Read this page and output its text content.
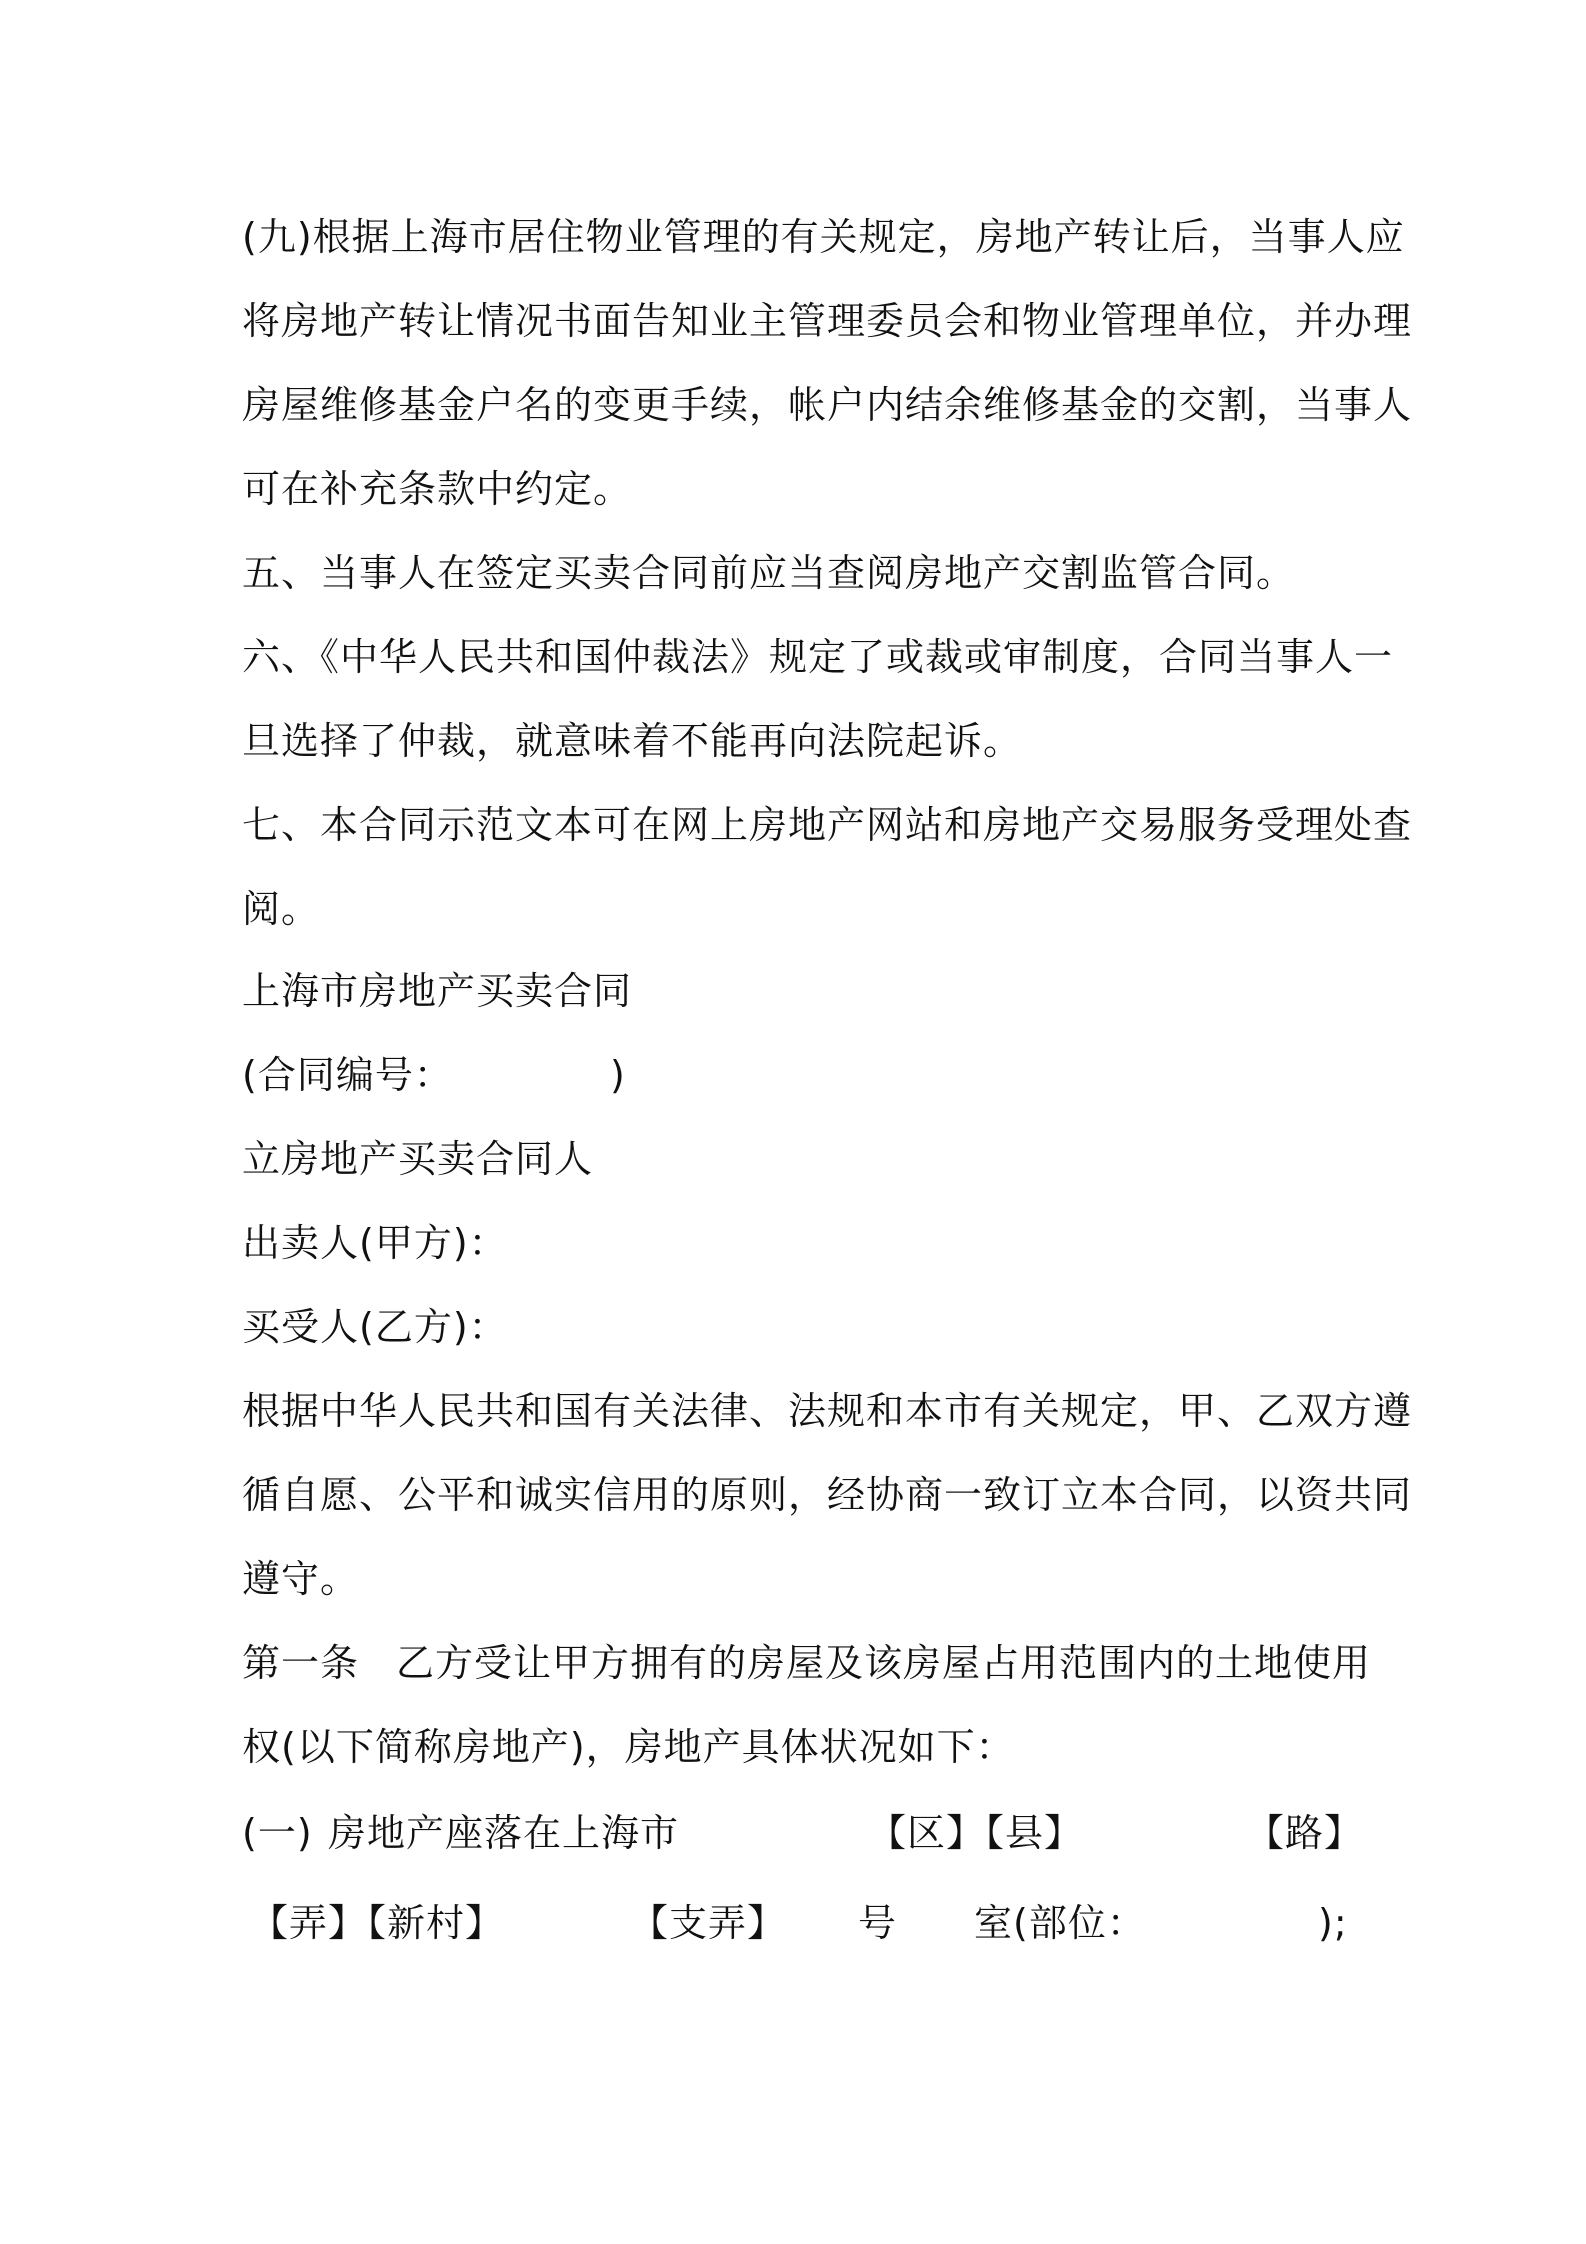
(九)根据上海市居住物业管理的有关规定，房地产转让后，当事人应
将房地产转让情况书面告知业主管理委员会和物业管理单位，并办理
房屋维修基金户名的变更手续，帐户内结余维修基金的交割，当事人
可在补充条款中约定。
五、当事人在签定买卖合同前应当查阅房地产交割监管合同。
六、《中华人民共和国仲裁法》规定了或裁或审制度，合同当事人一
旦选择了仲裁，就意味着不能再向法院起诉。
七、本合同示范文本可在网上房地产网站和房地产交易服务受理处查
阅。
上海市房地产买卖合同
(合同编号：	)
立房地产买卖合同人
出卖人(甲方)：
买受人(乙方)：
根据中华人民共和国有关法律、法规和本市有关规定，甲、乙双方遵
循自愿、公平和诚实信用的原则，经协商一致订立本合同，以资共同
遵守。
第一条 乙方受让甲方拥有的房屋及该房屋占用范围内的土地使用
权(以下简称房地产)，房地产具体状况如下：
(一) 房地产座落在上海市	【区】【县】	【路】
【弄】【新村】	【支弄】 号 室(部位：	);
